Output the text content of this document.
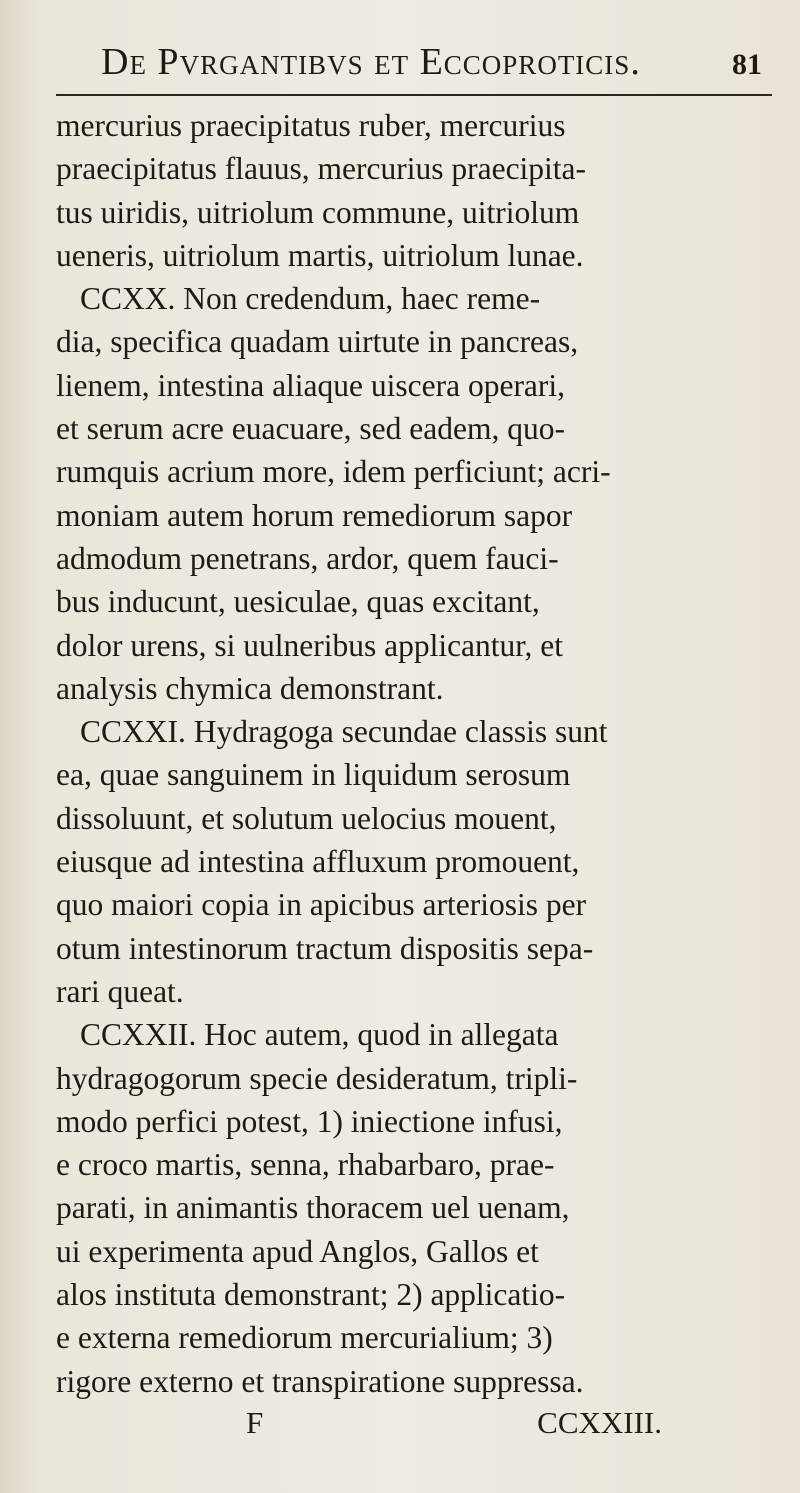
De Pvrgantibvs et Eccoproticis.	81
mercurius praecipitatus ruber, mercurius
praecipitatus flauus, mercurius praecipita-
tus uiridis, uitriolum commune, uitriolum
ueneris, uitriolum martis, uitriolum lunae.
CCXX. Non credendum, haec reme-
dia, specifica quadam uirtute in pancreas,
lienem, intestina aliaque uiscera operari,
et serum acre euacuare, sed eadem, quo-
rumquis acrium more, idem perficiunt; acri-
moniam autem horum remediorum sapor
admodum penetrans, ardor, quem fauci-
bus inducunt, uesiculae, quas excitant,
dolor urens, si uulneribus applicantur, et
analysis chymica demonstrant.
CCXXI. Hydragoga secundae classis sunt
ea, quae sanguinem in liquidum serosum
dissoluunt, et solutum uelocius mouent,
eiusque ad intestina affluxum promouent,
quo maiori copia in apicibus arteriosis per
otum intestinorum tractum dispositis sepa-
rari queat.
CCXXII. Hoc autem, quod in allegata
hydragogorum specie desideratum, tripli-
modo perfici potest, 1) iniectione infusi,
e croco martis, senna, rhabarbaro, prae-
parati, in animantis thoracem uel uenam,
ui experimenta apud Anglos, Gallos et
alos instituta demonstrant; 2) applicatio-
e externa remediorum mercurialium; 3)
rigore externo et transpiratione suppressa.
F	CCXXIII.
